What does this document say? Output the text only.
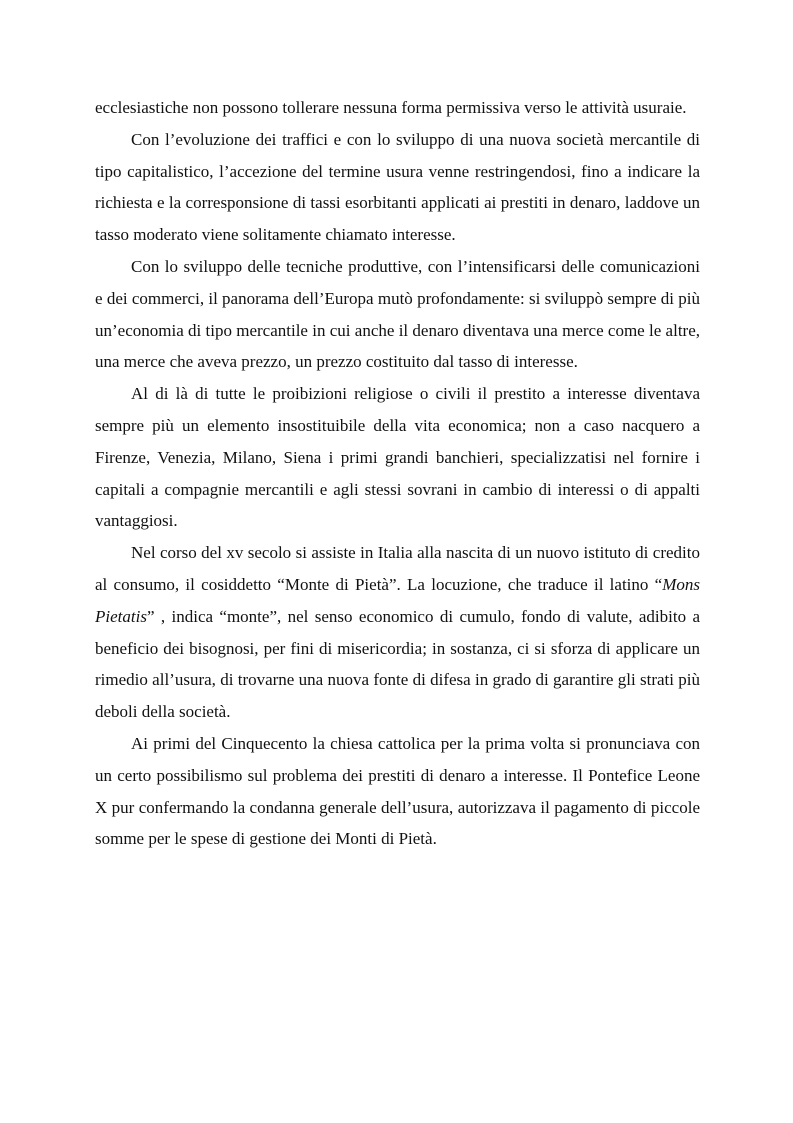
ecclesiastiche non possono tollerare nessuna forma permissiva verso le attività usuraie.

Con l’evoluzione dei traffici e con lo sviluppo di una nuova società mercantile di tipo capitalistico, l’accezione del termine usura venne restringendosi, fino a indicare la richiesta e la corresponsione di tassi esorbitanti applicati ai prestiti in denaro, laddove un tasso moderato viene solitamente chiamato interesse.

Con lo sviluppo delle tecniche produttive, con l’intensificarsi delle comunicazioni e dei commerci, il panorama dell’Europa mutò profondamente: si sviluppò sempre di più un’economia di tipo mercantile in cui anche il denaro diventava una merce come le altre, una merce che aveva prezzo, un prezzo costituito dal tasso di interesse.

Al di là di tutte le proibizioni religiose o civili il prestito a interesse diventava sempre più un elemento insostituibile della vita economica; non a caso nacquero a Firenze, Venezia, Milano, Siena i primi grandi banchieri, specializzatisi nel fornire i capitali a compagnie mercantili e agli stessi sovrani in cambio di interessi o di appalti vantaggiosi.

Nel corso del xv secolo si assiste in Italia alla nascita di un nuovo istituto di credito al consumo, il cosiddetto “Monte di Pietà”. La locuzione, che traduce il latino “Mons Pietatis” , indica “monte”, nel senso economico di cumulo, fondo di valute, adibito a beneficio dei bisognosi, per fini di misericordia; in sostanza, ci si sforza di applicare un rimedio all’usura, di trovarne una nuova fonte di difesa in grado di garantire gli strati più deboli della società.

Ai primi del Cinquecento la chiesa cattolica per la prima volta si pronunciava con un certo possibilismo sul problema dei prestiti di denaro a interesse. Il Pontefice Leone X pur confermando la condanna generale dell’usura, autorizzava il pagamento di piccole somme per le spese di gestione dei Monti di Pietà.
